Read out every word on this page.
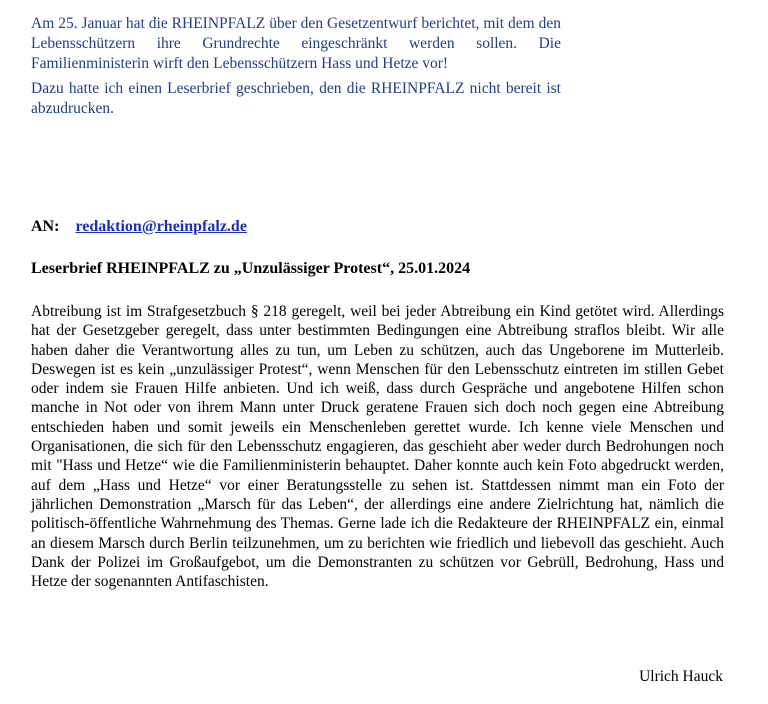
Am 25. Januar hat die RHEINPFALZ über den Gesetzentwurf berichtet, mit dem den Lebensschützern ihre Grundrechte eingeschränkt werden sollen. Die Familienministerin wirft den Lebensschützern Hass und Hetze vor!

Dazu hatte ich einen Leserbrief geschrieben, den die RHEINPFALZ nicht bereit ist abzudrucken.

AN: redaktion@rheinpfalz.de
Leserbrief RHEINPFALZ zu „Unzulässiger Protest“, 25.01.2024

Abtreibung ist im Strafgesetzbuch § 218 geregelt, weil bei jeder Abtreibung ein Kind getötet wird. Allerdings hat der Gesetzgeber geregelt, dass unter bestimmten Bedingungen eine Abtreibung straflos bleibt. Wir alle haben daher die Verantwortung alles zu tun, um Leben zu schützen, auch das Ungeborene im Mutterleib. Deswegen ist es kein „unzulässiger Protest“, wenn Menschen für den Lebensschutz eintreten im stillen Gebet oder indem sie Frauen Hilfe anbieten. Und ich weiß, dass durch Gespräche und angebotene Hilfen schon manche in Not oder von ihrem Mann unter Druck geratene Frauen sich doch noch gegen eine Abtreibung entschieden haben und somit jeweils ein Menschenleben gerettet wurde. Ich kenne viele Menschen und Organisationen, die sich für den Lebensschutz engagieren, das geschieht aber weder durch Bedrohungen noch mit "Hass und Hetze“ wie die Familienministerin behauptet. Daher konnte auch kein Foto abgedruckt werden, auf dem „Hass und Hetze“ vor einer Beratungsstelle zu sehen ist. Stattdessen nimmt man ein Foto der jährlichen Demonstration „Marsch für das Leben“, der allerdings eine andere Zielrichtung hat, nämlich die politisch-öffentliche Wahrnehmung des Themas. Gerne lade ich die Redakteure der RHEINPFALZ ein, einmal an diesem Marsch durch Berlin teilzunehmen, um zu berichten wie friedlich und liebevoll das geschieht. Auch Dank der Polizei im Großaufgebot, um die Demonstranten zu schützen vor Gebrüll, Bedrohung, Hass und Hetze der sogenannten Antifaschisten.

Ulrich Hauck
